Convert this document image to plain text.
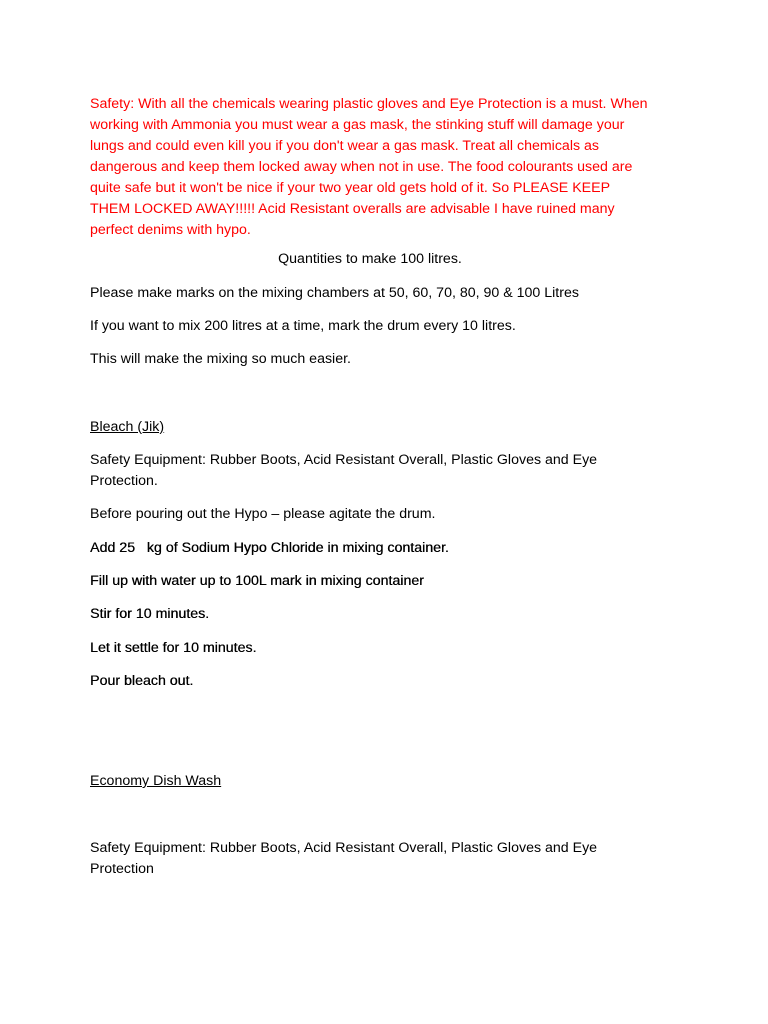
Safety: With all the chemicals wearing plastic gloves and Eye Protection is a must. When working with Ammonia you must wear a gas mask, the stinking stuff will damage your lungs and could even kill you if you don't wear a gas mask. Treat all chemicals as dangerous and keep them locked away when not in use. The food colourants used are quite safe but it won't be nice if your two year old gets hold of it. So PLEASE KEEP THEM LOCKED AWAY!!!!! Acid Resistant overalls are advisable I have ruined many perfect denims with hypo.

Quantities to make 100 litres.

Please make marks on the mixing chambers at 50, 60, 70, 80, 90 & 100 Litres

If you want to mix 200 litres at a time, mark the drum every 10 litres.

This will make the mixing so much easier.

Bleach (Jik)

Safety Equipment: Rubber Boots, Acid Resistant Overall, Plastic Gloves and Eye Protection.

Before pouring out the Hypo – please agitate the drum.

Add 25   kg of Sodium Hypo Chloride in mixing container.

Fill up with water up to 100L mark in mixing container

Stir for 10 minutes.

Let it settle for 10 minutes.

Pour bleach out.

Economy Dish Wash

Safety Equipment: Rubber Boots, Acid Resistant Overall, Plastic Gloves and Eye Protection
